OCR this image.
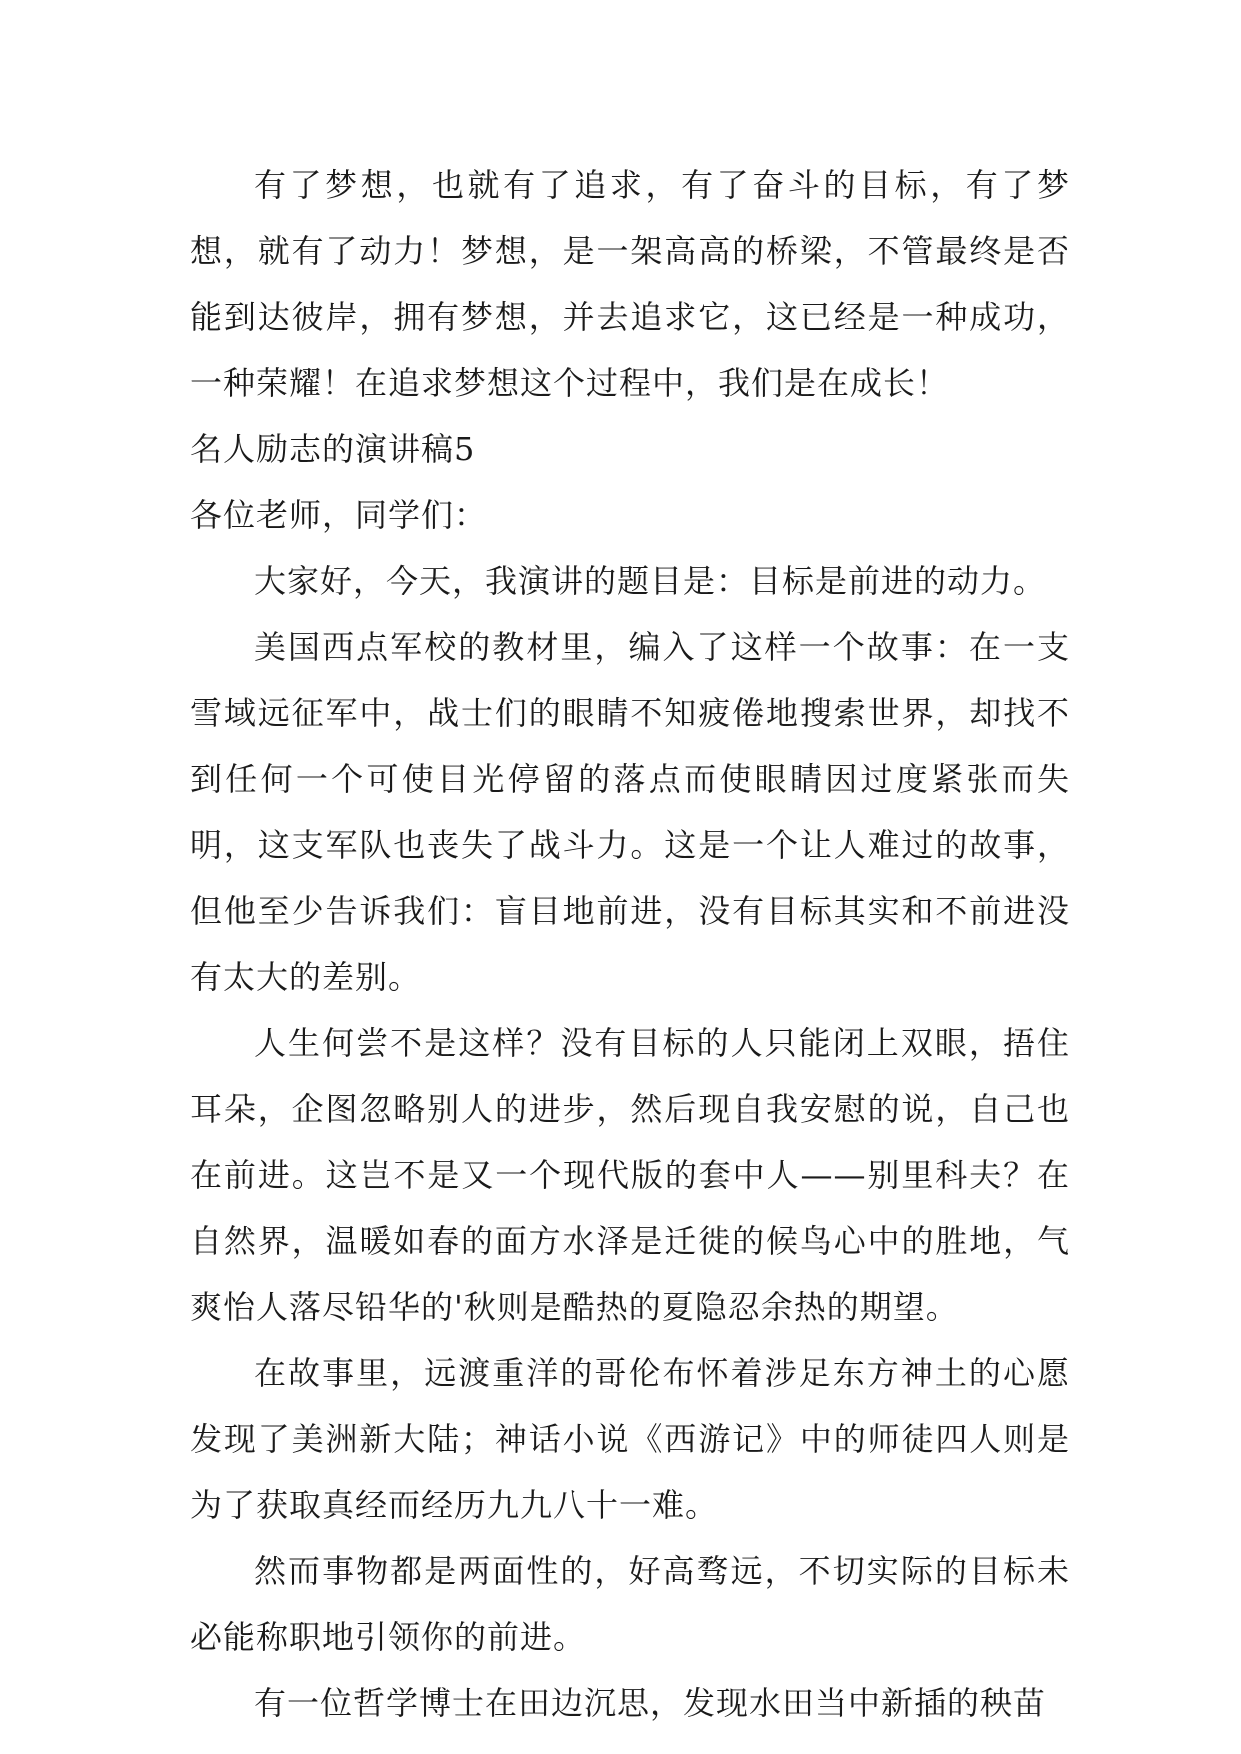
有了梦想，也就有了追求，有了奋斗的目标，有了梦想，就有了动力！梦想，是一架高高的桥梁，不管最终是否能到达彼岸，拥有梦想，并去追求它，这已经是一种成功，一种荣耀！在追求梦想这个过程中，我们是在成长！

名人励志的演讲稿5

各位老师，同学们：

大家好，今天，我演讲的题目是：目标是前进的动力。

美国西点军校的教材里，编入了这样一个故事：在一支雪域远征军中，战士们的眼睛不知疲倦地搜索世界，却找不到任何一个可使目光停留的落点而使眼睛因过度紧张而失明，这支军队也丧失了战斗力。这是一个让人难过的故事，但他至少告诉我们：盲目地前进，没有目标其实和不前进没有太大的差别。

人生何尝不是这样？没有目标的人只能闭上双眼，捂住耳朵，企图忽略别人的进步，然后现自我安慰的说，自己也在前进。这岂不是又一个现代版的套中人——别里科夫？在自然界，温暖如春的面方水泽是迁徙的候鸟心中的胜地，气爽怡人落尽铅华的'秋则是酷热的夏隐忍余热的期望。

在故事里，远渡重洋的哥伦布怀着涉足东方神土的心愿发现了美洲新大陆；神话小说《西游记》中的师徒四人则是为了获取真经而经历九九八十一难。

然而事物都是两面性的，好高骛远，不切实际的目标未必能称职地引领你的前进。

有一位哲学博士在田边沉思，发现水田当中新插的秧苗
